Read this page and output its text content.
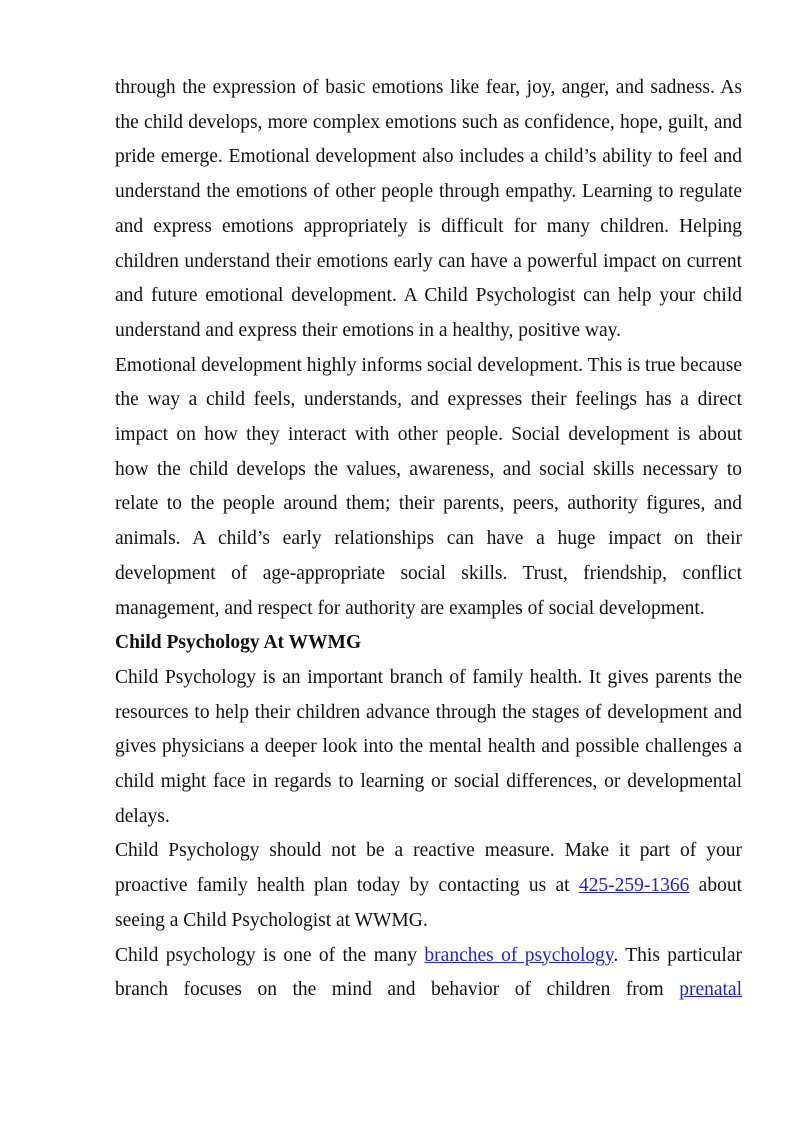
through the expression of basic emotions like fear, joy, anger, and sadness. As the child develops, more complex emotions such as confidence, hope, guilt, and pride emerge. Emotional development also includes a child’s ability to feel and understand the emotions of other people through empathy. Learning to regulate and express emotions appropriately is difficult for many children. Helping children understand their emotions early can have a powerful impact on current and future emotional development. A Child Psychologist can help your child understand and express their emotions in a healthy, positive way.

Emotional development highly informs social development. This is true because the way a child feels, understands, and expresses their feelings has a direct impact on how they interact with other people. Social development is about how the child develops the values, awareness, and social skills necessary to relate to the people around them; their parents, peers, authority figures, and animals. A child’s early relationships can have a huge impact on their development of age-appropriate social skills. Trust, friendship, conflict management, and respect for authority are examples of social development.

Child Psychology At WWMG

Child Psychology is an important branch of family health. It gives parents the resources to help their children advance through the stages of development and gives physicians a deeper look into the mental health and possible challenges a child might face in regards to learning or social differences, or developmental delays.

Child Psychology should not be a reactive measure. Make it part of your proactive family health plan today by contacting us at 425-259-1366 about seeing a Child Psychologist at WWMG.

Child psychology is one of the many branches of psychology. This particular branch focuses on the mind and behavior of children from prenatal
